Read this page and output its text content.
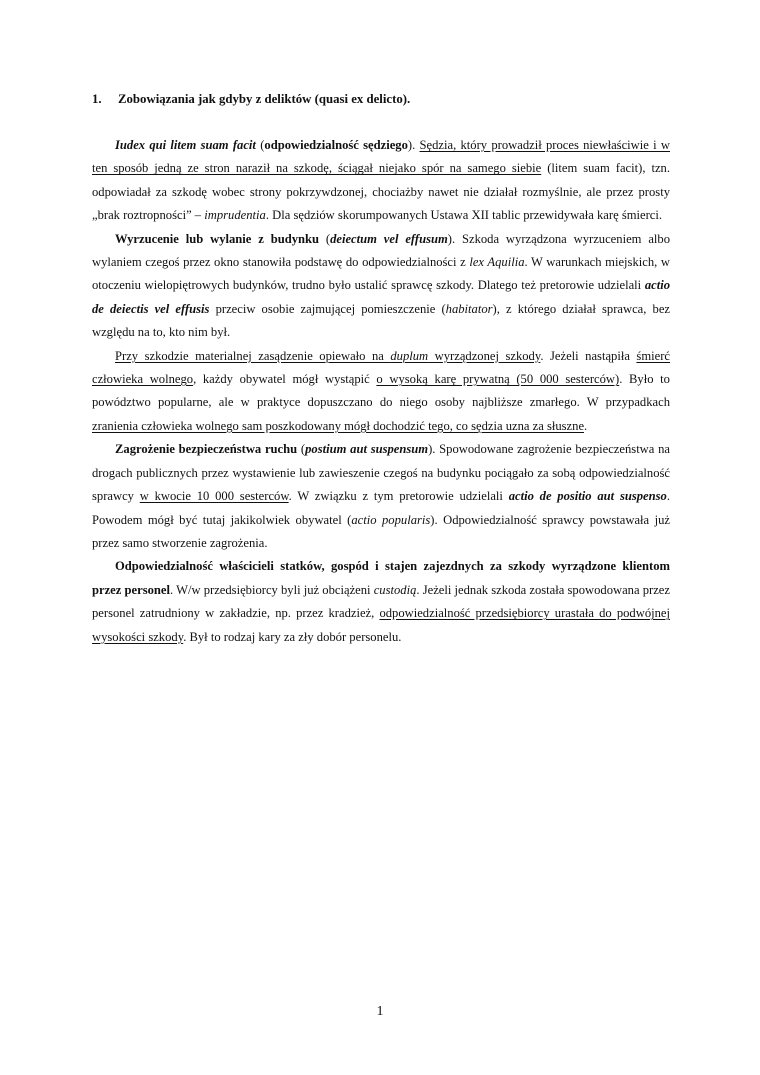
1. Zobowiązania jak gdyby z deliktów (quasi ex delicto).

Iudex qui litem suam facit (odpowiedzialność sędziego). Sędzia, który prowadził proces niewłaściwie i w ten sposób jedną ze stron naraził na szkodę, ściągał niejako spór na samego siebie (litem suam facit), tzn. odpowiadał za szkodę wobec strony pokrzywdzonej, chociażby nawet nie działał rozmyślnie, ale przez prosty „brak roztropności” – imprudentia. Dla sędziów skorumpowanych Ustawa XII tablic przewidywała karę śmierci.

Wyrzucenie lub wylanie z budynku (deiectum vel effusum). Szkoda wyrządzona wyrzuceniem albo wylaniem czegoś przez okno stanowiła podstawę do odpowiedzialności z lex Aquilia. W warunkach miejskich, w otoczeniu wielopiętrowych budynków, trudno było ustalić sprawcę szkody. Dlatego też pretorowie udzielali actio de deiectis vel effusis przeciw osobie zajmującej pomieszczenie (habitator), z którego działał sprawca, bez względu na to, kto nim był.

Przy szkodzie materialnej zasądzenie opiewało na duplum wyrządzonej szkody. Jeżeli nastąpiła śmierć człowieka wolnego, każdy obywatel mógł wystąpić o wysoką karę prywatną (50 000 sesterców). Było to powództwo popularne, ale w praktyce dopuszczano do niego osoby najbliższe zmarłego. W przypadkach zranienia człowieka wolnego sam poszkodowany mógł dochodzić tego, co sędzia uzna za słuszne.

Zagrożenie bezpieczeństwa ruchu (postium aut suspensum). Spowodowane zagrożenie bezpieczeństwa na drogach publicznych przez wystawienie lub zawieszenie czegoś na budynku pociągało za sobą odpowiedzialność sprawcy w kwocie 10 000 sesterców. W związku z tym pretorowie udzielali actio de positio aut suspenso. Powodem mógł być tutaj jakikolwiek obywatel (actio popularis). Odpowiedzialność sprawcy powstawała już przez samo stworzenie zagrożenia.

Odpowiedzialność właścicieli statków, gospód i stajen zajezdnych za szkody wyrządzone klientom przez personel. W/w przedsiębiorcy byli już obciążeni custodią. Jeżeli jednak szkoda została spowodowana przez personel zatrudniony w zakładzie, np. przez kradzież, odpowiedzialność przedsiębiorcy urastała do podwójnej wysokości szkody. Był to rodzaj kary za zły dobór personelu.

1
